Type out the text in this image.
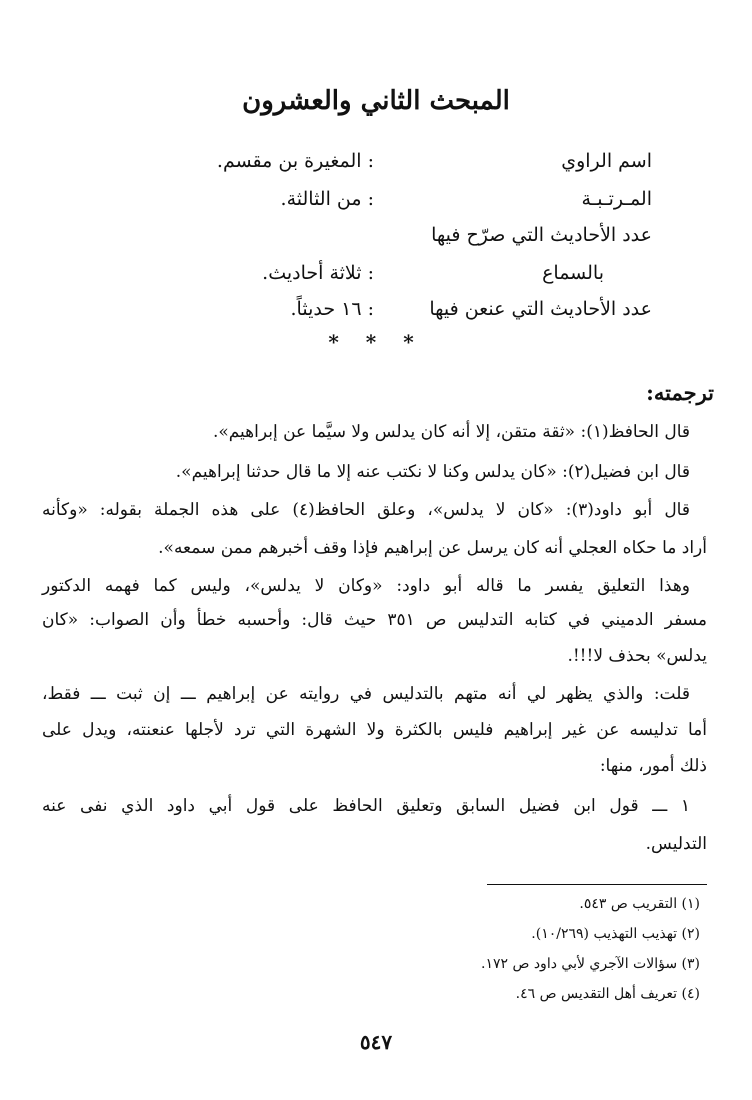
المبحث الثاني والعشرون
اسم الراوي
: المغيرة بن مقسم.
المـرتـبـة
: من الثالثة.
عدد الأحاديث التي صرّح فيها
بالسماع
: ثلاثة أحاديث.
عدد الأحاديث التي عنعن فيها
: ١٦ حديثاً.
* * *
ترجمته:
قال الحافظ(١): «ثقة متقن، إلا أنه كان يدلس ولا سيَّما عن إبراهيم».
قال ابن فضيل(٢): «كان يدلس وكنا لا نكتب عنه إلا ما قال حدثنا إبراهيم».
قال أبو داود(٣): «كان لا يدلس»، وعلق الحافظ(٤) على هذه الجملة بقوله: «وكأنه
أراد ما حكاه العجلي أنه كان يرسل عن إبراهيم فإذا وقف أخبرهم ممن سمعه».
وهذا التعليق يفسر ما قاله أبو داود: «وكان لا يدلس»، وليس كما فهمه الدكتور
مسفر الدميني في كتابه التدليس ص ٣٥١ حيث قال: وأحسبه خطأ وأن الصواب: «كان
يدلس» بحذف لا!!!.
قلت: والذي يظهر لي أنه متهم بالتدليس في روايته عن إبراهيم ـــ إن ثبت ـــ فقط،
أما تدليسه عن غير إبراهيم فليس بالكثرة ولا الشهرة التي ترد لأجلها عنعنته، ويدل على
ذلك أمور، منها:
١ ـــ قول ابن فضيل السابق وتعليق الحافظ على قول أبي داود الذي نفى عنه
التدليس.
(١) التقريب ص ٥٤٣.
(٢) تهذيب التهذيب (١٠/٢٦٩).
(٣) سؤالات الآجري لأبي داود ص ١٧٢.
(٤) تعريف أهل التقديس ص ٤٦.
٥٤٧
